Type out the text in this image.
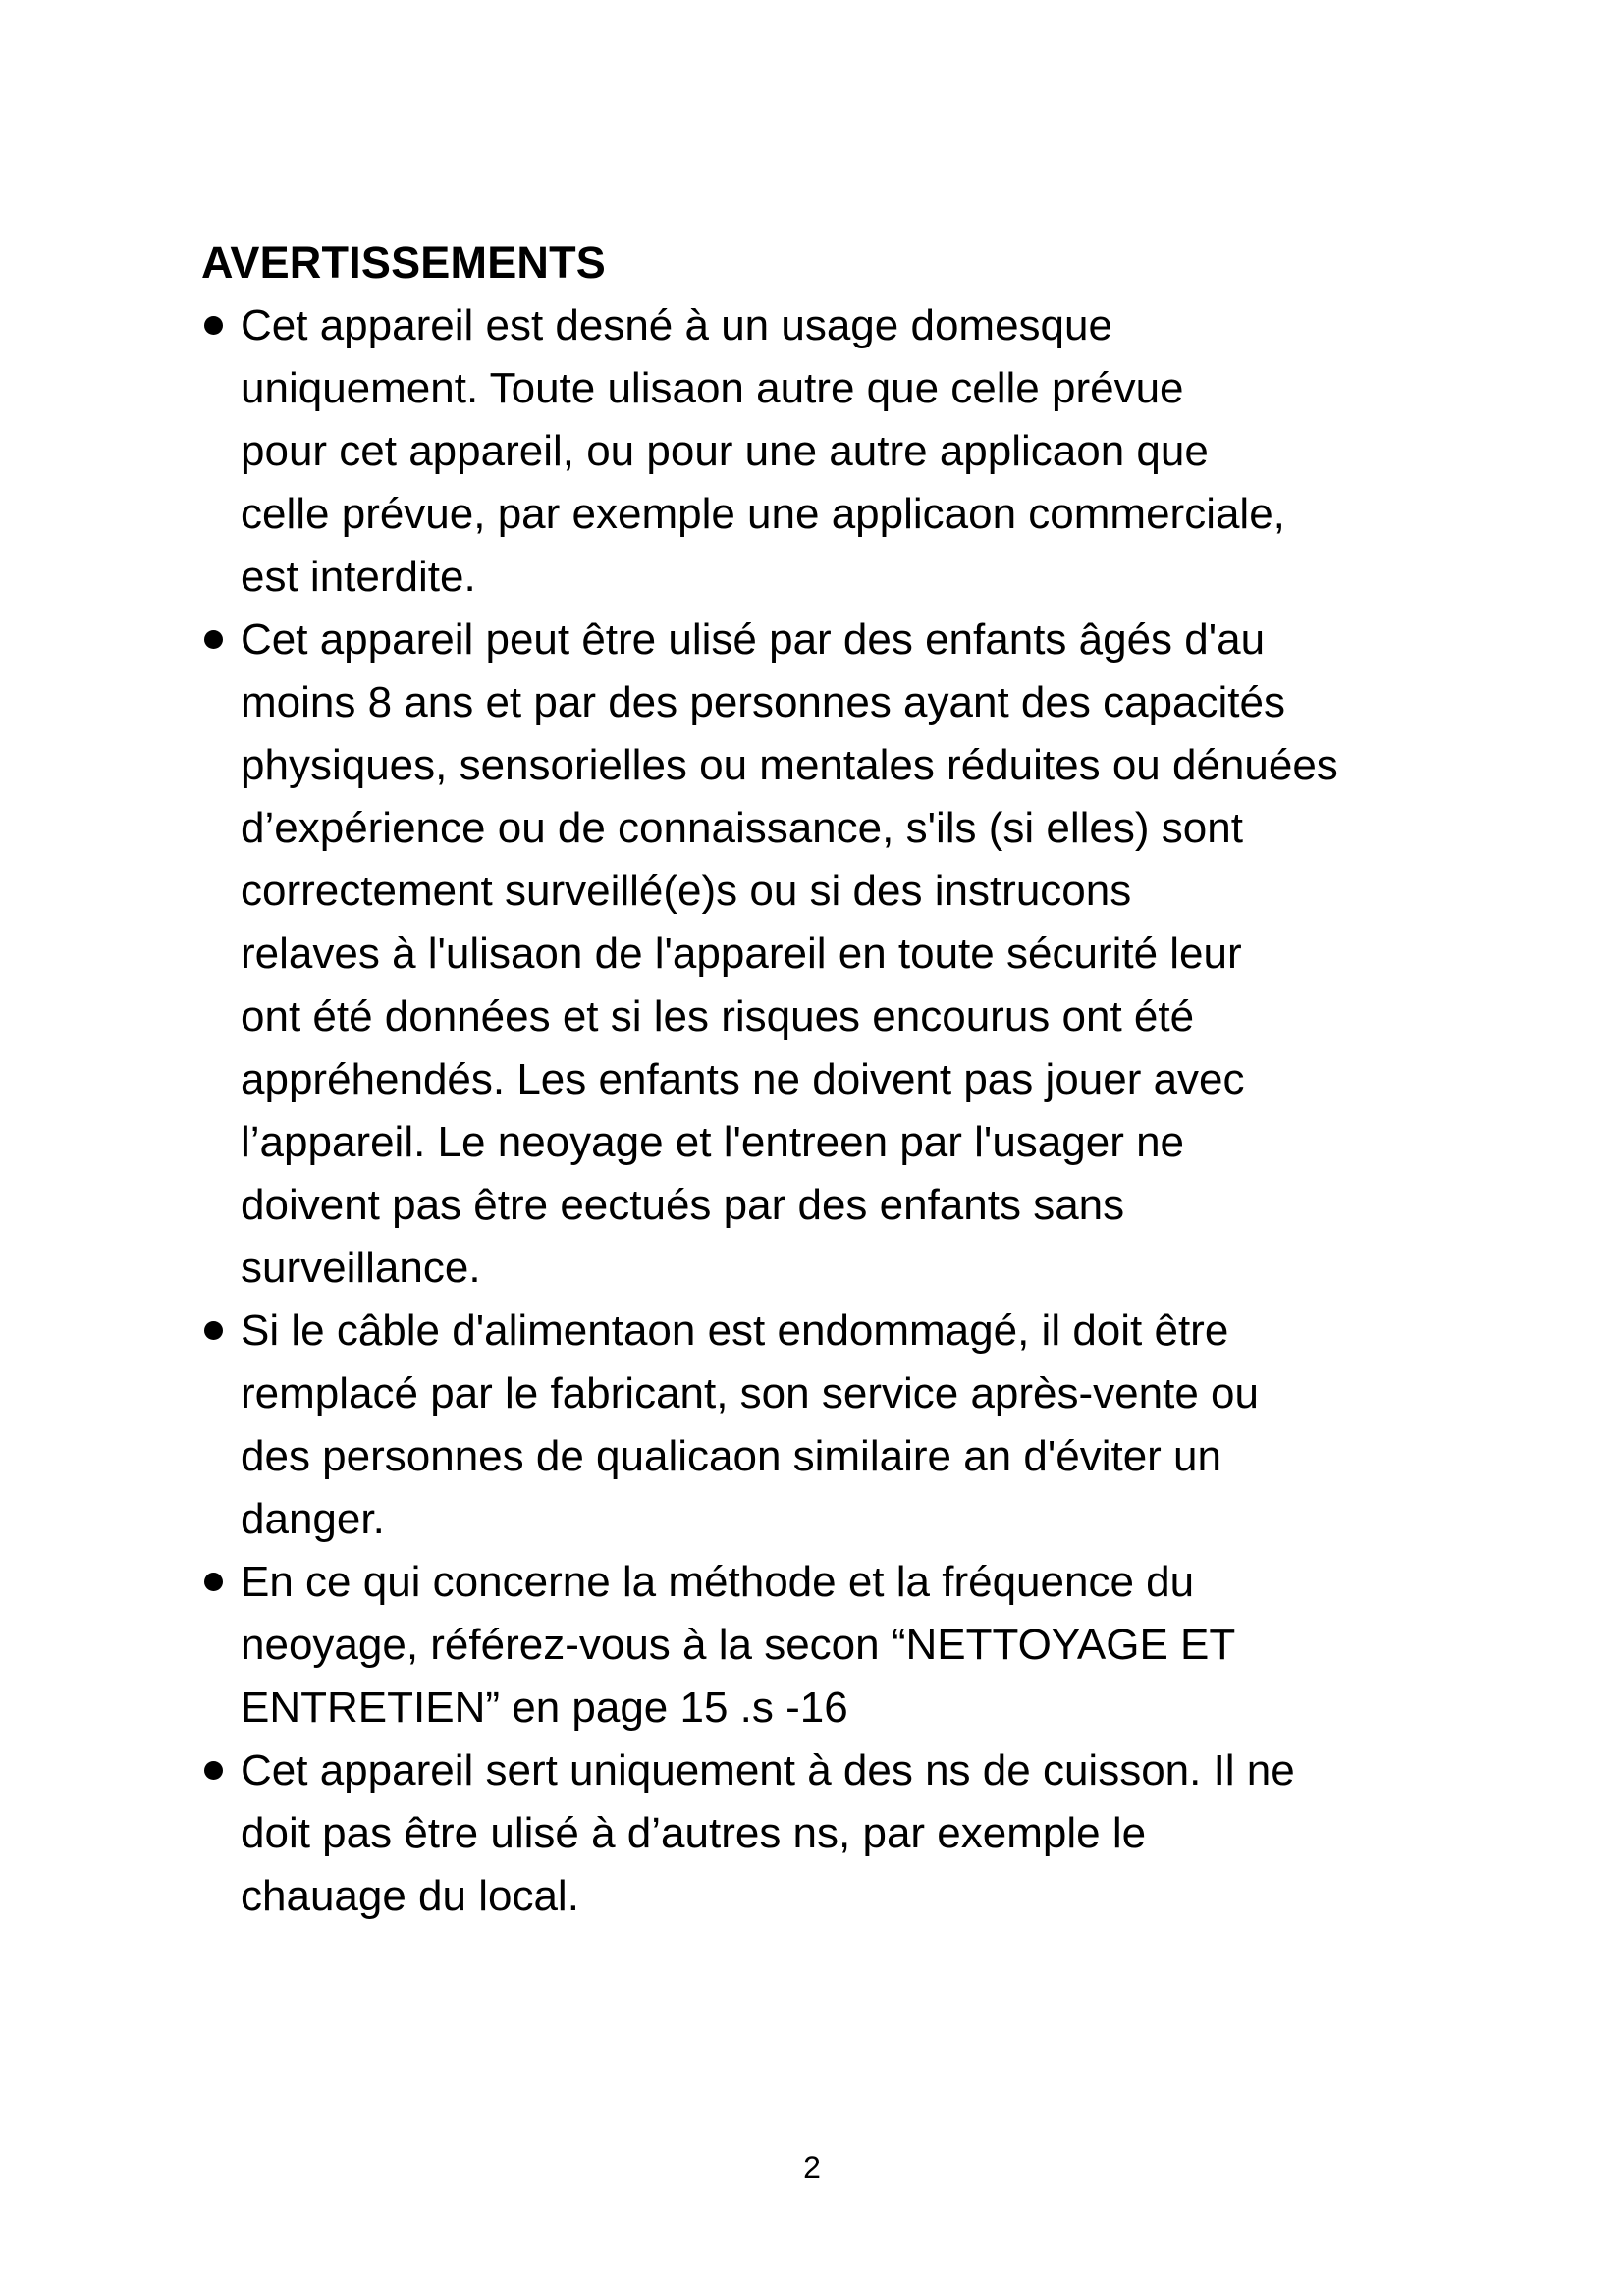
AVERTISSEMENTS
Cet appareil est desné à un usage domesque
uniquement. Toute ulisaon autre que celle prévue
pour cet appareil, ou pour une autre applicaon que
celle prévue, par exemple une applicaon commerciale,
est interdite.
Cet appareil peut être ulisé par des enfants âgés d'au
moins 8 ans et par des personnes ayant des capacités
physiques, sensorielles ou mentales réduites ou dénuées
d’expérience ou de connaissance, s'ils (si elles) sont
correctement surveillé(e)s ou si des instrucons
relaves à l'ulisaon de l'appareil en toute sécurité leur
ont été données et si les risques encourus ont été
appréhendés. Les enfants ne doivent pas jouer avec
l’appareil. Le neoyage et l'entreen par l'usager ne
doivent pas être eectués par des enfants sans
surveillance.
Si le câble d'alimentaon est endommagé, il doit être
remplacé par le fabricant, son service après-vente ou
des personnes de qualicaon similaire an d'éviter un
danger.
En ce qui concerne la méthode et la fréquence du
neoyage, référez-vous à la secon “NETTOYAGE ET
ENTRETIEN” en page 15 .s -16
Cet appareil sert uniquement à des ns de cuisson. Il ne
doit pas être ulisé à d’autres ns, par exemple le
chauage du local.
2
